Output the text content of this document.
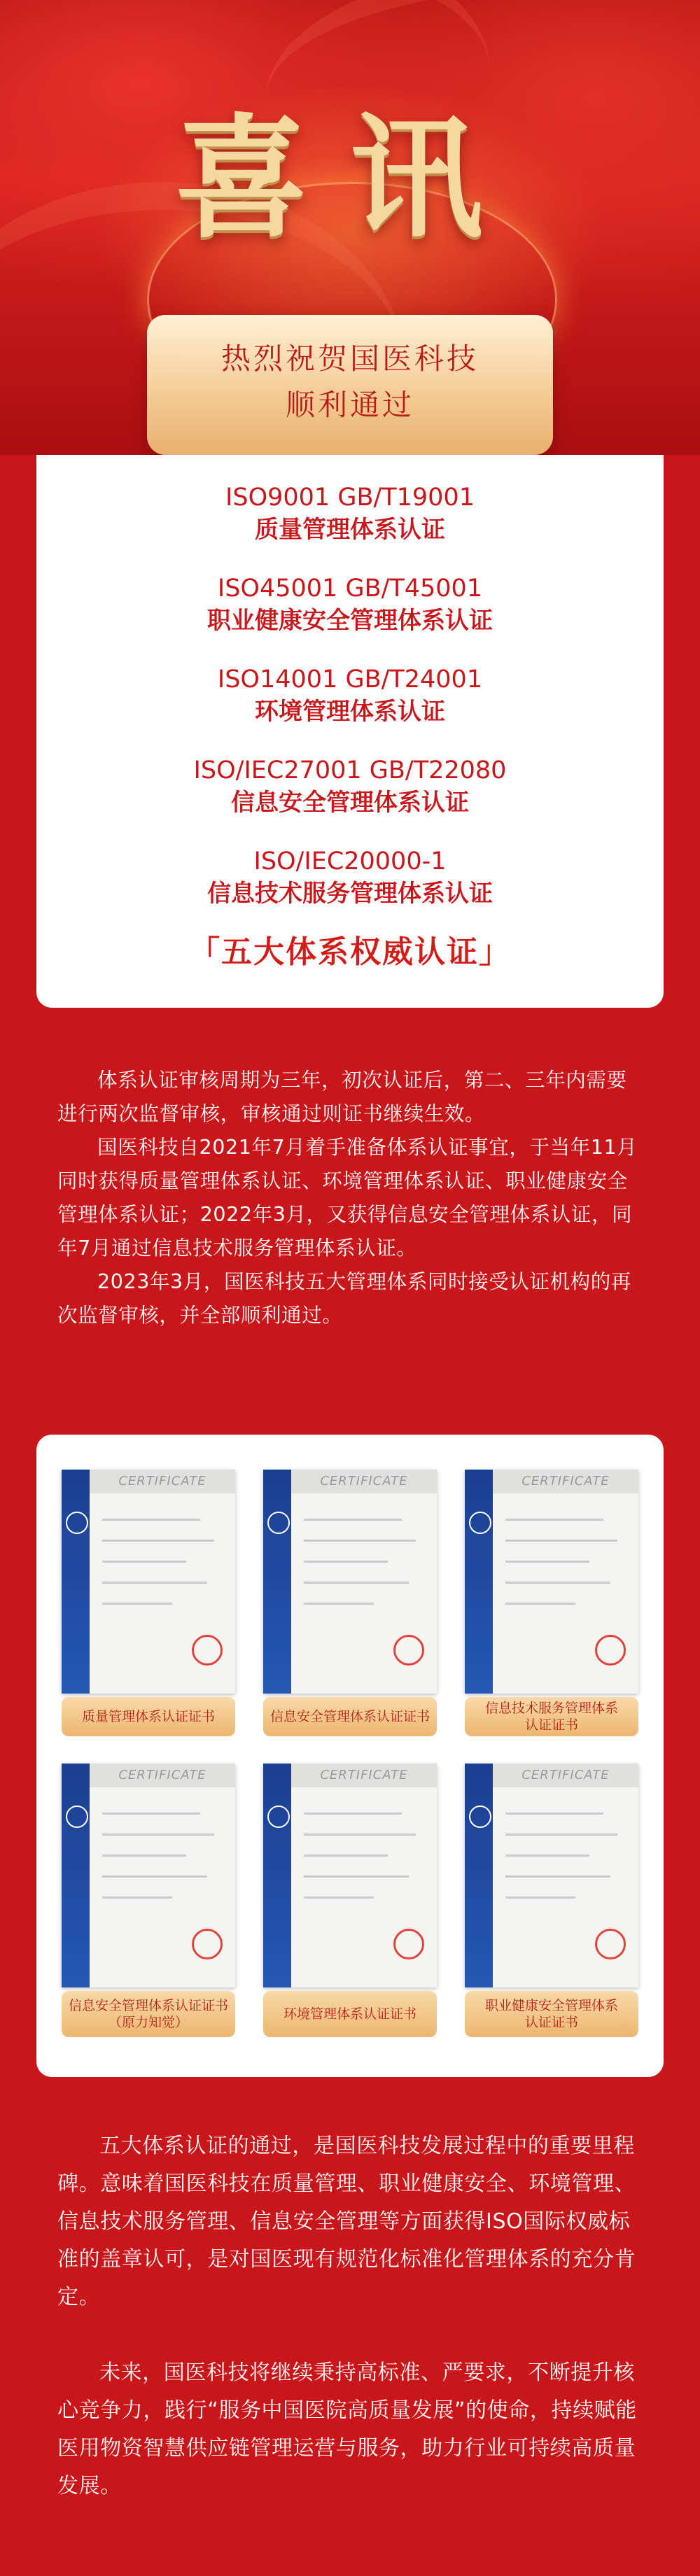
喜讯

热烈祝贺国医科技

顺利通过

ISO9001 GB/T19001
质量管理体系认证
ISO45001 GB/T45001
职业健康安全管理体系认证
ISO14001 GB/T24001
环境管理体系认证
ISO/IEC27001 GB/T22080
信息安全管理体系认证
ISO/IEC20000-1
信息技术服务管理体系认证
「五大体系权威认证」

体系认证审核周期为三年，初次认证后，第二、三年内需要进行两次监督审核，审核通过则证书继续生效。

国医科技自2021年7月着手准备体系认证事宜，于当年11月同时获得质量管理体系认证、环境管理体系认证、职业健康安全管理体系认证；2022年3月，又获得信息安全管理体系认证，同年7月通过信息技术服务管理体系认证。

2023年3月，国医科技五大管理体系同时接受认证机构的再次监督审核，并全部顺利通过。

CERTIFICATE
质量管理体系认证证书
CERTIFICATE
信息安全管理体系认证证书
CERTIFICATE
信息技术服务管理体系
认证证书
CERTIFICATE
信息安全管理体系认证证书
（原力知觉）
CERTIFICATE
环境管理体系认证证书
CERTIFICATE
职业健康安全管理体系
认证证书

五大体系认证的通过，是国医科技发展过程中的重要里程碑。意味着国医科技在质量管理、职业健康安全、环境管理、信息技术服务管理、信息安全管理等方面获得ISO国际权威标准的盖章认可，是对国医现有规范化标准化管理体系的充分肯定。

未来，国医科技将继续秉持高标准、严要求，不断提升核心竞争力，践行“服务中国医院高质量发展”的使命，持续赋能医用物资智慧供应链管理运营与服务，助力行业可持续高质量发展。
